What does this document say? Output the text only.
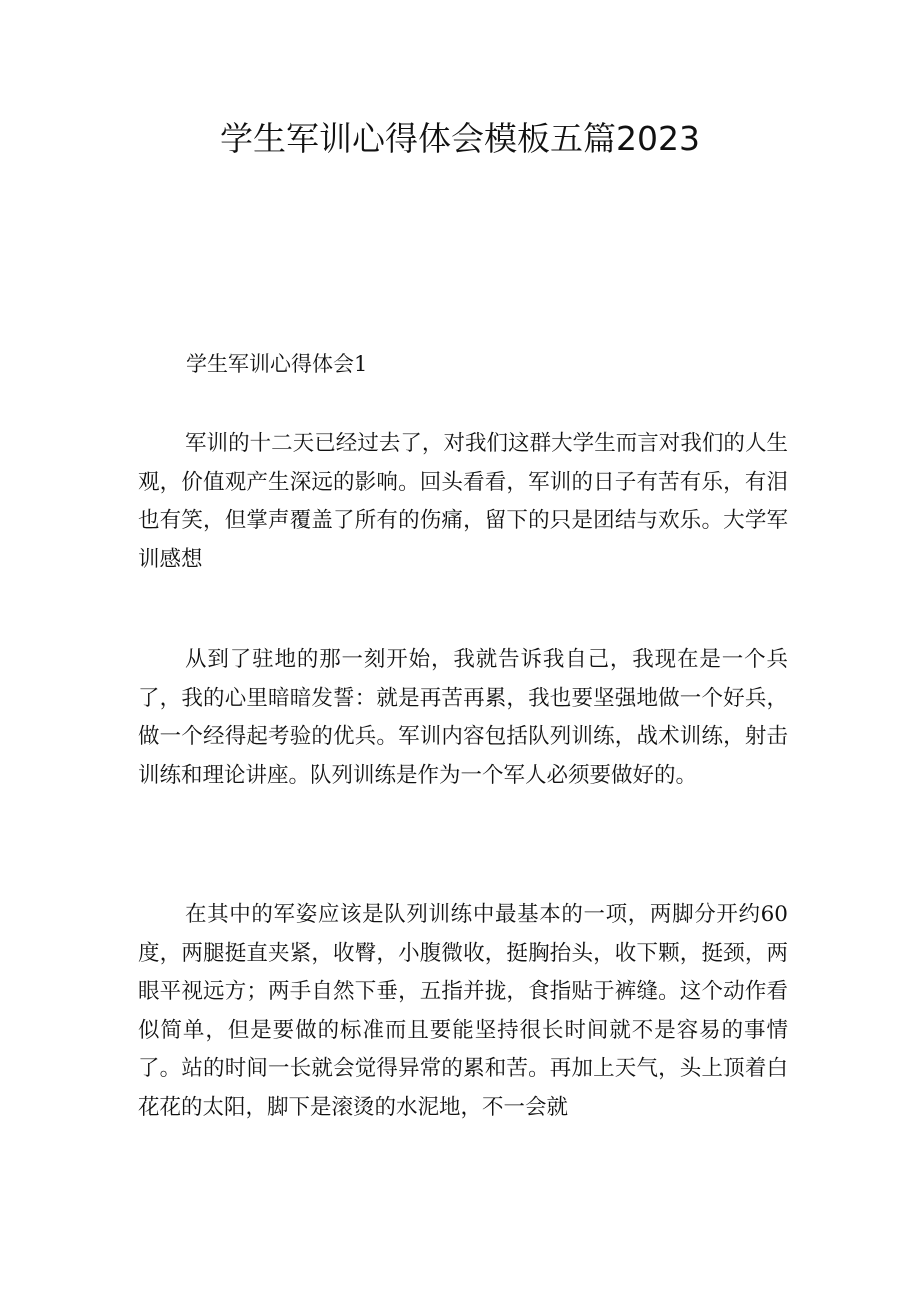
学生军训心得体会模板五篇2023

学生军训心得体会1

军训的十二天已经过去了，对我们这群大学生而言对我们的人生观，价值观产生深远的影响。回头看看，军训的日子有苦有乐，有泪也有笑，但掌声覆盖了所有的伤痛，留下的只是团结与欢乐。大学军训感想

从到了驻地的那一刻开始，我就告诉我自己，我现在是一个兵了，我的心里暗暗发誓：就是再苦再累，我也要坚强地做一个好兵，做一个经得起考验的优兵。军训内容包括队列训练，战术训练，射击训练和理论讲座。队列训练是作为一个军人必须要做好的。

在其中的军姿应该是队列训练中最基本的一项，两脚分开约60度，两腿挺直夹紧，收臀，小腹微收，挺胸抬头，收下颗，挺颈，两眼平视远方；两手自然下垂，五指并拢，食指贴于裤缝。这个动作看似简单，但是要做的标准而且要能坚持很长时间就不是容易的事情了。站的时间一长就会觉得异常的累和苦。再加上天气，头上顶着白花花的太阳，脚下是滚烫的水泥地，不一会就
